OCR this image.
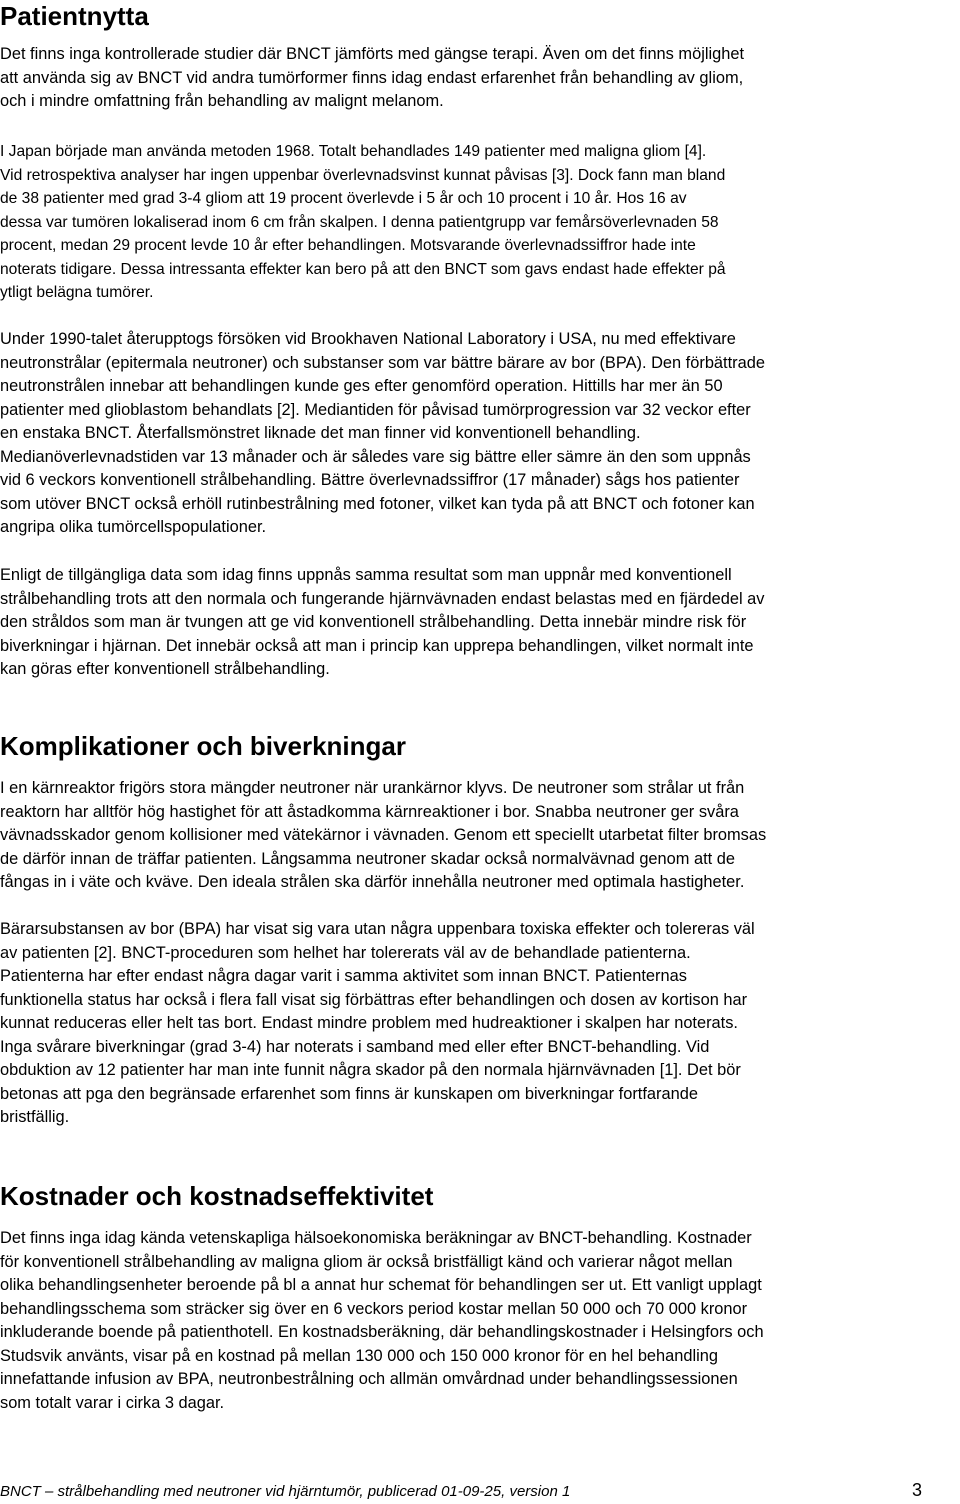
Patientnytta
Det finns inga kontrollerade studier där BNCT jämförts med gängse terapi. Även om det finns möjlighet
att använda sig av BNCT vid andra tumörformer finns idag endast erfarenhet från behandling av gliom,
och i mindre omfattning från behandling av malignt melanom.
I Japan började man använda metoden 1968. Totalt behandlades 149 patienter med maligna gliom [4].
Vid retrospektiva analyser har ingen uppenbar överlevnadsvinst kunnat påvisas [3]. Dock fann man bland
de 38 patienter med grad 3-4 gliom att 19 procent överlevde i 5 år och 10 procent i 10 år. Hos 16 av
dessa var tumören lokaliserad inom 6 cm från skalpen. I denna patientgrupp var femårsöverlevnaden 58
procent, medan 29 procent levde 10 år efter behandlingen. Motsvarande överlevnadssiffror hade inte
noterats tidigare. Dessa intressanta effekter kan bero på att den BNCT som gavs endast hade effekter på
ytligt belägna tumörer.
Under 1990-talet återupptogs försöken vid Brookhaven National Laboratory i USA, nu med effektivare
neutronstrålar (epitermala neutroner) och substanser som var bättre bärare av bor (BPA). Den förbättrade
neutronstrålen innebar att behandlingen kunde ges efter genomförd operation. Hittills har mer än 50
patienter med glioblastom behandlats [2]. Mediantiden för påvisad tumörprogression var 32 veckor efter
en enstaka BNCT. Återfallsmönstret liknade det man finner vid konventionell behandling.
Medianöverlevnadstiden var 13 månader och är således vare sig bättre eller sämre än den som uppnås
vid 6 veckors konventionell strålbehandling. Bättre överlevnadssiffror (17 månader) sågs hos patienter
som utöver BNCT också erhöll rutinbestrålning med fotoner, vilket kan tyda på att BNCT och fotoner kan
angripa olika tumörcellspopulationer.
Enligt de tillgängliga data som idag finns uppnås samma resultat som man uppnår med konventionell
strålbehandling trots att den normala och fungerande hjärnvävnaden endast belastas med en fjärdedel av
den stråldos som man är tvungen att ge vid konventionell strålbehandling. Detta innebär mindre risk för
biverkningar i hjärnan. Det innebär också att man i princip kan upprepa behandlingen, vilket normalt inte
kan göras efter konventionell strålbehandling.
Komplikationer och biverkningar
I en kärnreaktor frigörs stora mängder neutroner när urankärnor klyvs. De neutroner som strålar ut från
reaktorn har alltför hög hastighet för att åstadkomma kärnreaktioner i bor. Snabba neutroner ger svåra
vävnadsskador genom kollisioner med vätekärnor i vävnaden. Genom ett speciellt utarbetat filter bromsas
de därför innan de träffar patienten. Långsamma neutroner skadar också normalvävnad genom att de
fångas in i väte och kväve. Den ideala strålen ska därför innehålla neutroner med optimala hastigheter.
Bärarsubstansen av bor (BPA) har visat sig vara utan några uppenbara toxiska effekter och tolereras väl
av patienten [2]. BNCT-proceduren som helhet har tolererats väl av de behandlade patienterna.
Patienterna har efter endast några dagar varit i samma aktivitet som innan BNCT. Patienternas
funktionella status har också i flera fall visat sig förbättras efter behandlingen och dosen av kortison har
kunnat reduceras eller helt tas bort. Endast mindre problem med hudreaktioner i skalpen har noterats.
Inga svårare biverkningar (grad 3-4) har noterats i samband med eller efter BNCT-behandling. Vid
obduktion av 12 patienter har man inte funnit några skador på den normala hjärnvävnaden [1]. Det bör
betonas att pga den begränsade erfarenhet som finns är kunskapen om biverkningar fortfarande
bristfällig.
Kostnader och kostnadseffektivitet
Det finns inga idag kända vetenskapliga hälsoekonomiska beräkningar av BNCT-behandling. Kostnader
för konventionell strålbehandling av maligna gliom är också bristfälligt känd och varierar något mellan
olika behandlingsenheter beroende på bl a annat hur schemat för behandlingen ser ut. Ett vanligt upplagt
behandlingsschema som sträcker sig över en 6 veckors period kostar mellan 50 000 och 70 000 kronor
inkluderande boende på patienthotell. En kostnadsberäkning, där behandlingskostnader i Helsingfors och
Studsvik använts, visar på en kostnad på mellan 130 000 och 150 000 kronor för en hel behandling
innefattande infusion av BPA, neutronbestrålning och allmän omvårdnad under behandlingssessionen
som totalt varar i cirka 3 dagar.
BNCT – strålbehandling med neutroner vid hjärntumör, publicerad 01-09-25, version 1	3
